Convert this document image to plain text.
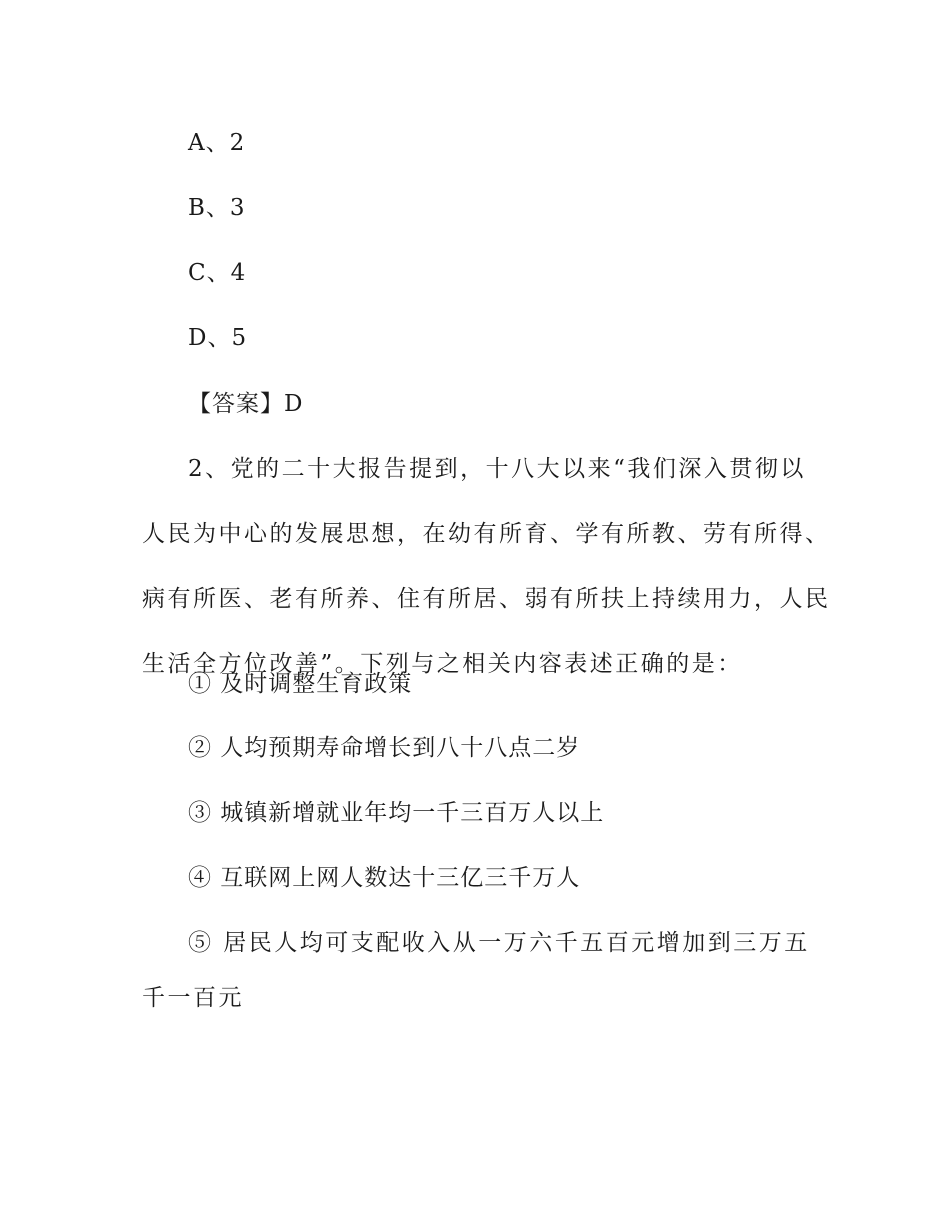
A、2
B、3
C、4
D、5
【答案】D
2、党的二十大报告提到，十八大以来“我们深入贯彻以
人民为中心的发展思想，在幼有所育、学有所教、劳有所得、
病有所医、老有所养、住有所居、弱有所扶上持续用力，人民
生活全方位改善”。下列与之相关内容表述正确的是：
① 及时调整生育政策
② 人均预期寿命增长到八十八点二岁
③ 城镇新增就业年均一千三百万人以上
④ 互联网上网人数达十三亿三千万人
⑤ 居民人均可支配收入从一万六千五百元增加到三万五
千一百元
